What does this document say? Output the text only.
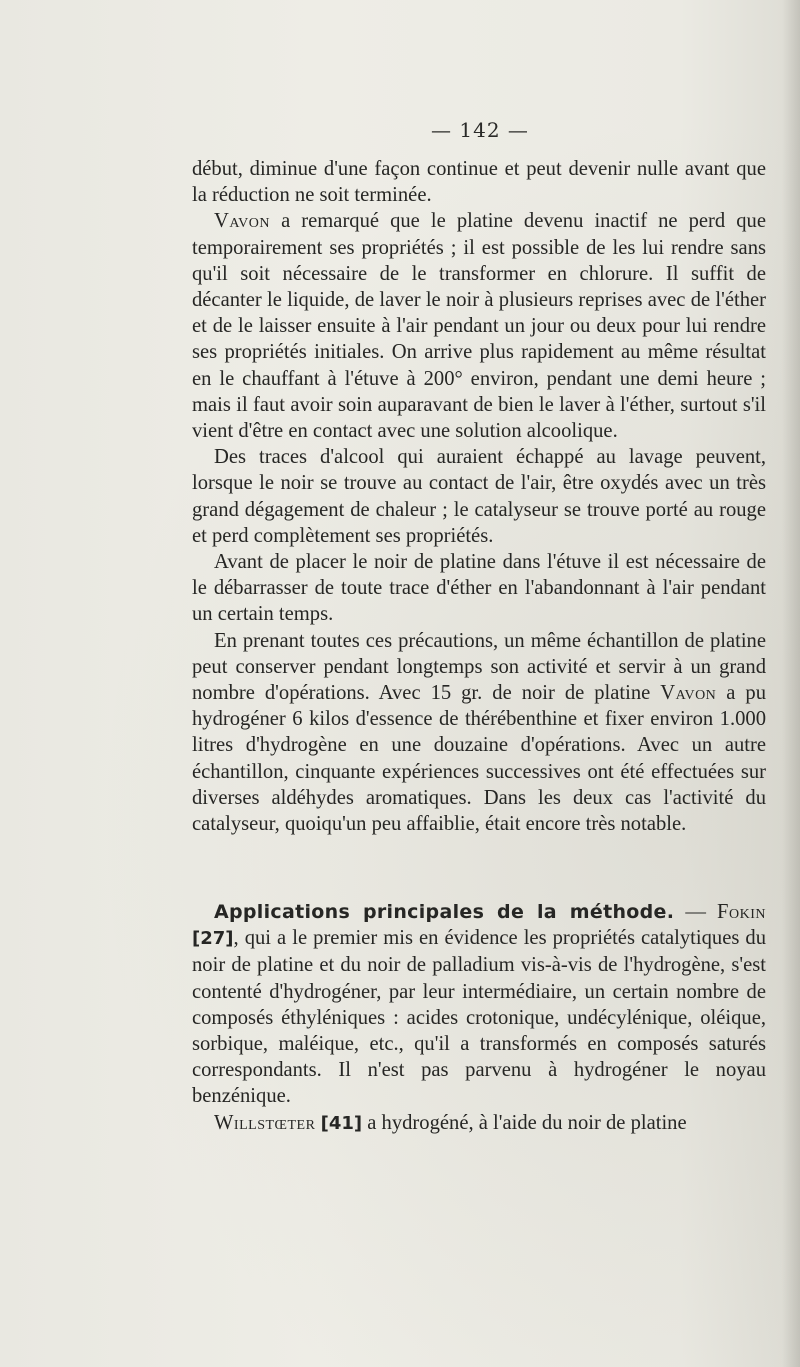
— 142 —

début, diminue d'une façon continue et peut devenir nulle avant que la réduction ne soit terminée.

Vavon a remarqué que le platine devenu inactif ne perd que temporairement ses propriétés ; il est possible de les lui rendre sans qu'il soit nécessaire de le transformer en chlorure. Il suffit de décanter le liquide, de laver le noir à plusieurs reprises avec de l'éther et de le laisser ensuite à l'air pendant un jour ou deux pour lui rendre ses propriétés initiales. On arrive plus rapidement au même résultat en le chauffant à l'étuve à 200° environ, pendant une demi heure ; mais il faut avoir soin auparavant de bien le laver à l'éther, surtout s'il vient d'être en contact avec une solution alcoolique.

Des traces d'alcool qui auraient échappé au lavage peuvent, lorsque le noir se trouve au contact de l'air, être oxydés avec un très grand dégagement de chaleur ; le catalyseur se trouve porté au rouge et perd complètement ses propriétés.

Avant de placer le noir de platine dans l'étuve il est nécessaire de le débarrasser de toute trace d'éther en l'abandonnant à l'air pendant un certain temps.

En prenant toutes ces précautions, un même échantillon de platine peut conserver pendant longtemps son activité et servir à un grand nombre d'opérations. Avec 15 gr. de noir de platine Vavon a pu hydrogéner 6 kilos d'essence de thérébenthine et fixer environ 1.000 litres d'hydrogène en une douzaine d'opérations. Avec un autre échantillon, cinquante expériences successives ont été effectuées sur diverses aldéhydes aromatiques. Dans les deux cas l'activité du catalyseur, quoiqu'un peu affaiblie, était encore très notable.

Applications principales de la méthode. — Fokin [27], qui a le premier mis en évidence les propriétés catalytiques du noir de platine et du noir de palladium vis-à-vis de l'hydrogène, s'est contenté d'hydrogéner, par leur intermédiaire, un certain nombre de composés éthyléniques : acides crotonique, undécylénique, oléique, sorbique, maléique, etc., qu'il a transformés en composés saturés correspondants. Il n'est pas parvenu à hydrogéner le noyau benzénique.

Willstœter [41] a hydrogéné, à l'aide du noir de platine
